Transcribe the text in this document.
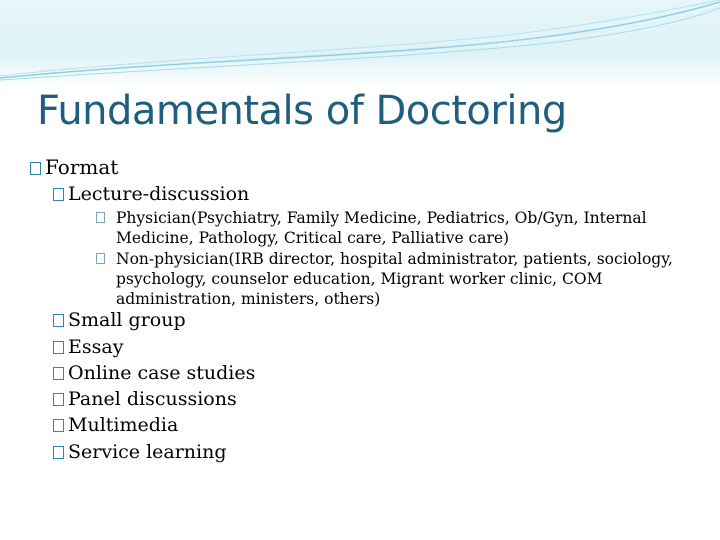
Fundamentals of Doctoring
Format
Lecture-discussion
Physician(Psychiatry, Family Medicine, Pediatrics, Ob/Gyn, Internal Medicine, Pathology, Critical care, Palliative care)
Non-physician(IRB director, hospital administrator, patients, sociology, psychology, counselor education, Migrant worker clinic, COM administration, ministers, others)
Small group
Essay
Online case studies
Panel discussions
Multimedia
Service learning
